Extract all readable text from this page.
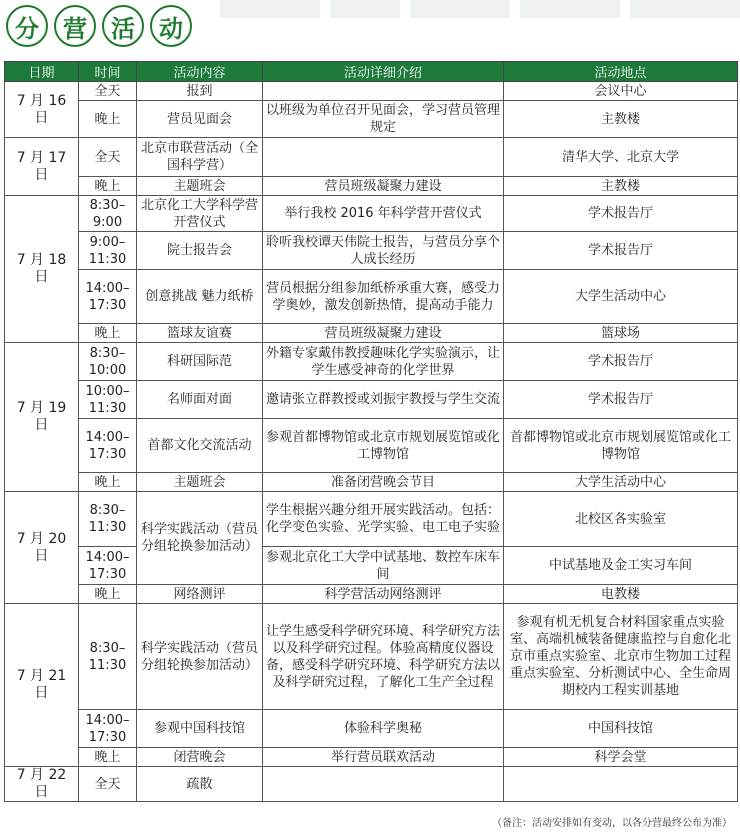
分	营	活	动
日期	时间	活动内容	活动详细介绍	活动地点
7 月 16 日	全天	报到		会议中心
	晚上	营员见面会	以班级为单位召开见面会，学习营员管理规定	主教楼
7 月 17 日	全天	北京市联营活动（全国科学营）		清华大学、北京大学
	晚上	主题班会	营员班级凝聚力建设	主教楼
7 月 18 日	8:30–9:00	北京化工大学科学营开营仪式	举行我校 2016 年科学营开营仪式	学术报告厅
	9:00–11:30	院士报告会	聆听我校谭天伟院士报告，与营员分享个人成长经历	学术报告厅
	14:00–17:30	创意挑战 魅力纸桥	营员根据分组参加纸桥承重大赛，感受力学奥妙，激发创新热情，提高动手能力	大学生活动中心
	晚上	篮球友谊赛	营员班级凝聚力建设	篮球场
7 月 19 日	8:30–10:00	科研国际范	外籍专家戴伟教授趣味化学实验演示，让学生感受神奇的化学世界	学术报告厅
	10:00–11:30	名师面对面	邀请张立群教授或刘振宇教授与学生交流	学术报告厅
	14:00–17:30	首都文化交流活动	参观首都博物馆或北京市规划展览馆或化工博物馆	首都博物馆或北京市规划展览馆或化工博物馆
	晚上	主题班会	准备闭营晚会节目	大学生活动中心
7 月 20 日	8:30–11:30	科学实践活动（营员分组轮换参加活动）	学生根据兴趣分组开展实践活动。包括：化学变色实验、光学实验、电工电子实验	北校区各实验室
	14:00–17:30		参观北京化工大学中试基地、数控车床车间	中试基地及金工实习车间
	晚上	网络测评	科学营活动网络测评	电教楼
7 月 21 日	8:30–11:30	科学实践活动（营员分组轮换参加活动）	让学生感受科学研究环境、科学研究方法以及科学研究过程。体验高精度仪器设备，感受科学研究环境、科学研究方法以及科学研究过程，了解化工生产全过程	参观有机无机复合材料国家重点实验室、高端机械装备健康监控与自愈化北京市重点实验室、北京市生物加工过程重点实验室、分析测试中心、全生命周期校内工程实训基地
	14:00–17:30	参观中国科技馆	体验科学奥秘	中国科技馆
	晚上	闭营晚会	举行营员联欢活动	科学会堂
7 月 22 日	全天	疏散		
（备注：活动安排如有变动，以各分营最终公布为准）
